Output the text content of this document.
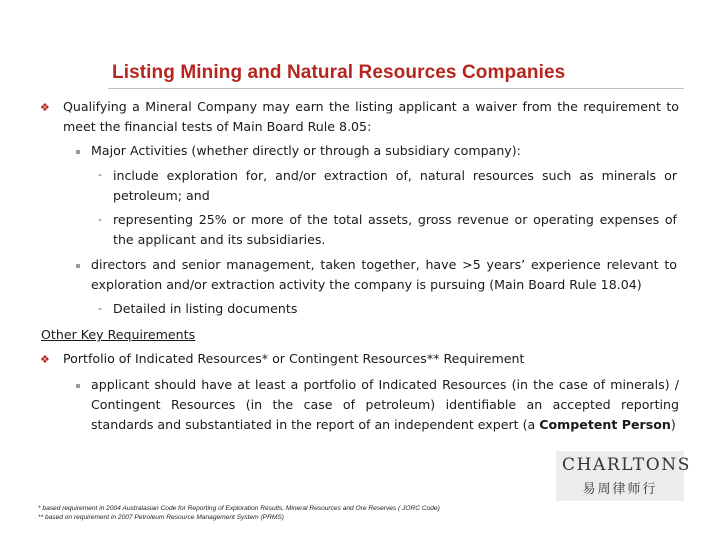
Listing Mining and Natural Resources Companies
❖ Qualifying a Mineral Company may earn the listing applicant a waiver from the requirement to meet the financial tests of Main Board Rule 8.05:
Major Activities (whether directly or through a subsidiary company):
- include exploration for, and/or extraction of, natural resources such as minerals or petroleum; and
- representing 25% or more of the total assets, gross revenue or operating expenses of the applicant and its subsidiaries.
directors and senior management, taken together, have >5 years’ experience relevant to exploration and/or extraction activity the company is pursuing (Main Board Rule 18.04)
- Detailed in listing documents
Other Key Requirements
❖ Portfolio of Indicated Resources* or Contingent Resources** Requirement
applicant should have at least a portfolio of Indicated Resources (in the case of minerals) / Contingent Resources (in the case of petroleum) identifiable an accepted reporting standards and substantiated in the report of an independent expert (a Competent Person)
CHARLTONS
易周律师行
* based requirement in 2004 Australasian Code for Reporting of Exploration Results, Mineral Resources and Ore Reserves ( JORC Code)
** based on requirement in 2007 Petroleum Resource Management System (PRMS)
